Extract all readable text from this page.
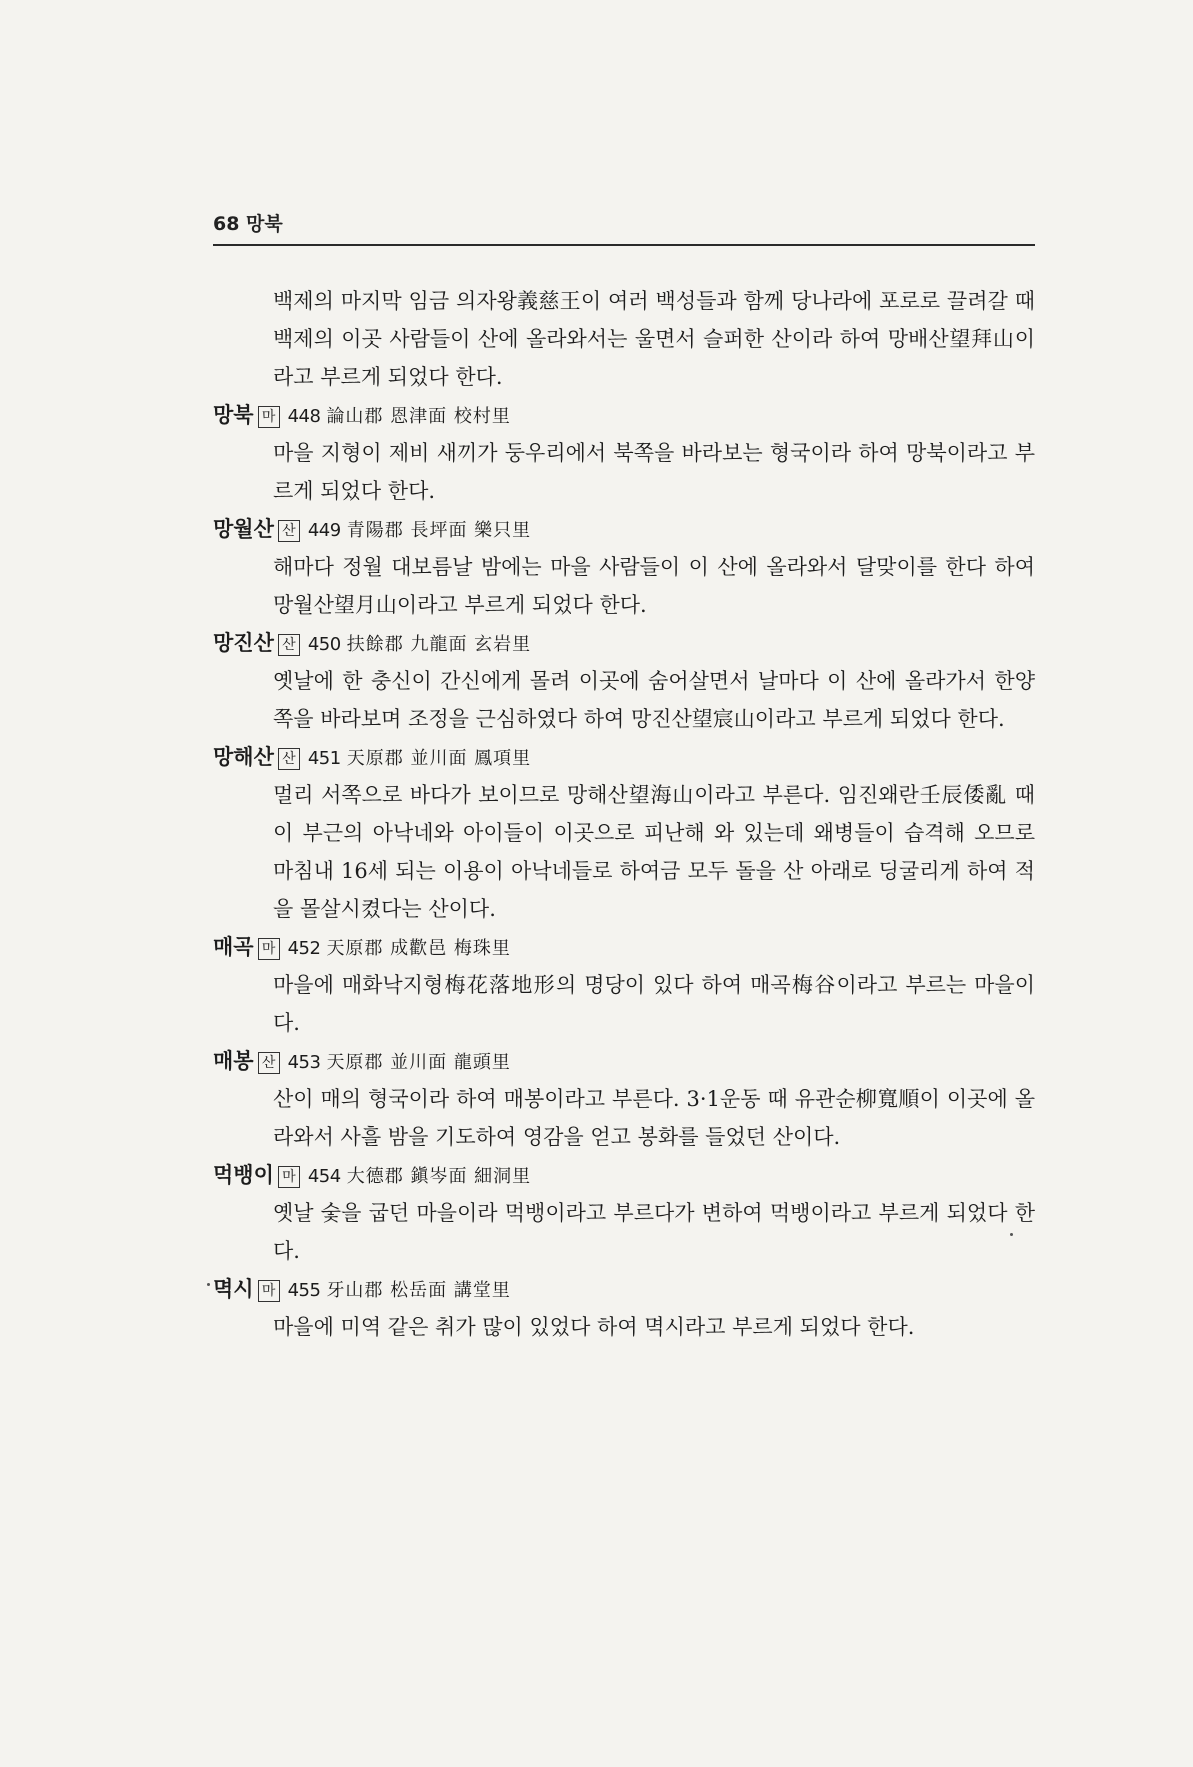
68 망북
백제의 마지막 임금 의자왕義慈王이 여러 백성들과 함께 당나라에 포로로 끌려갈 때 백제의 이곳 사람들이 산에 올라와서는 울면서 슬퍼한 산이라 하여 망배산望拜山이라고 부르게 되었다 한다.
망북 마 448 論山郡 恩津面 校村里
마을 지형이 제비 새끼가 둥우리에서 북쪽을 바라보는 형국이라 하여 망북이라고 부르게 되었다 한다.
망월산 산 449 青陽郡 長坪面 樂只里
해마다 정월 대보름날 밤에는 마을 사람들이 이 산에 올라와서 달맞이를 한다 하여 망월산望月山이라고 부르게 되었다 한다.
망진산 산 450 扶餘郡 九龍面 玄岩里
옛날에 한 충신이 간신에게 몰려 이곳에 숨어살면서 날마다 이 산에 올라가서 한양 쪽을 바라보며 조정을 근심하였다 하여 망진산望宸山이라고 부르게 되었다 한다.
망해산 산 451 天原郡 並川面 鳳項里
멀리 서쪽으로 바다가 보이므로 망해산望海山이라고 부른다. 임진왜란壬辰倭亂 때 이 부근의 아낙네와 아이들이 이곳으로 피난해 와 있는데 왜병들이 습격해 오므로 마침내 16세 되는 이용이 아낙네들로 하여금 모두 돌을 산 아래로 딩굴리게 하여 적을 몰살시켰다는 산이다.
매곡 마 452 天原郡 成歡邑 梅珠里
마을에 매화낙지형梅花落地形의 명당이 있다 하여 매곡梅谷이라고 부르는 마을이다.
매봉 산 453 天原郡 並川面 龍頭里
산이 매의 형국이라 하여 매봉이라고 부른다. 3·1운동 때 유관순柳寬順이 이곳에 올라와서 사흘 밤을 기도하여 영감을 얻고 봉화를 들었던 산이다.
먹뱅이 마 454 大德郡 鎭岑面 細洞里
옛날 숯을 굽던 마을이라 먹뱅이라고 부르다가 변하여 먹뱅이라고 부르게 되었다 한다.
멱시 마 455 牙山郡 松岳面 講堂里
마을에 미역 같은 취가 많이 있었다 하여 멱시라고 부르게 되었다 한다.
